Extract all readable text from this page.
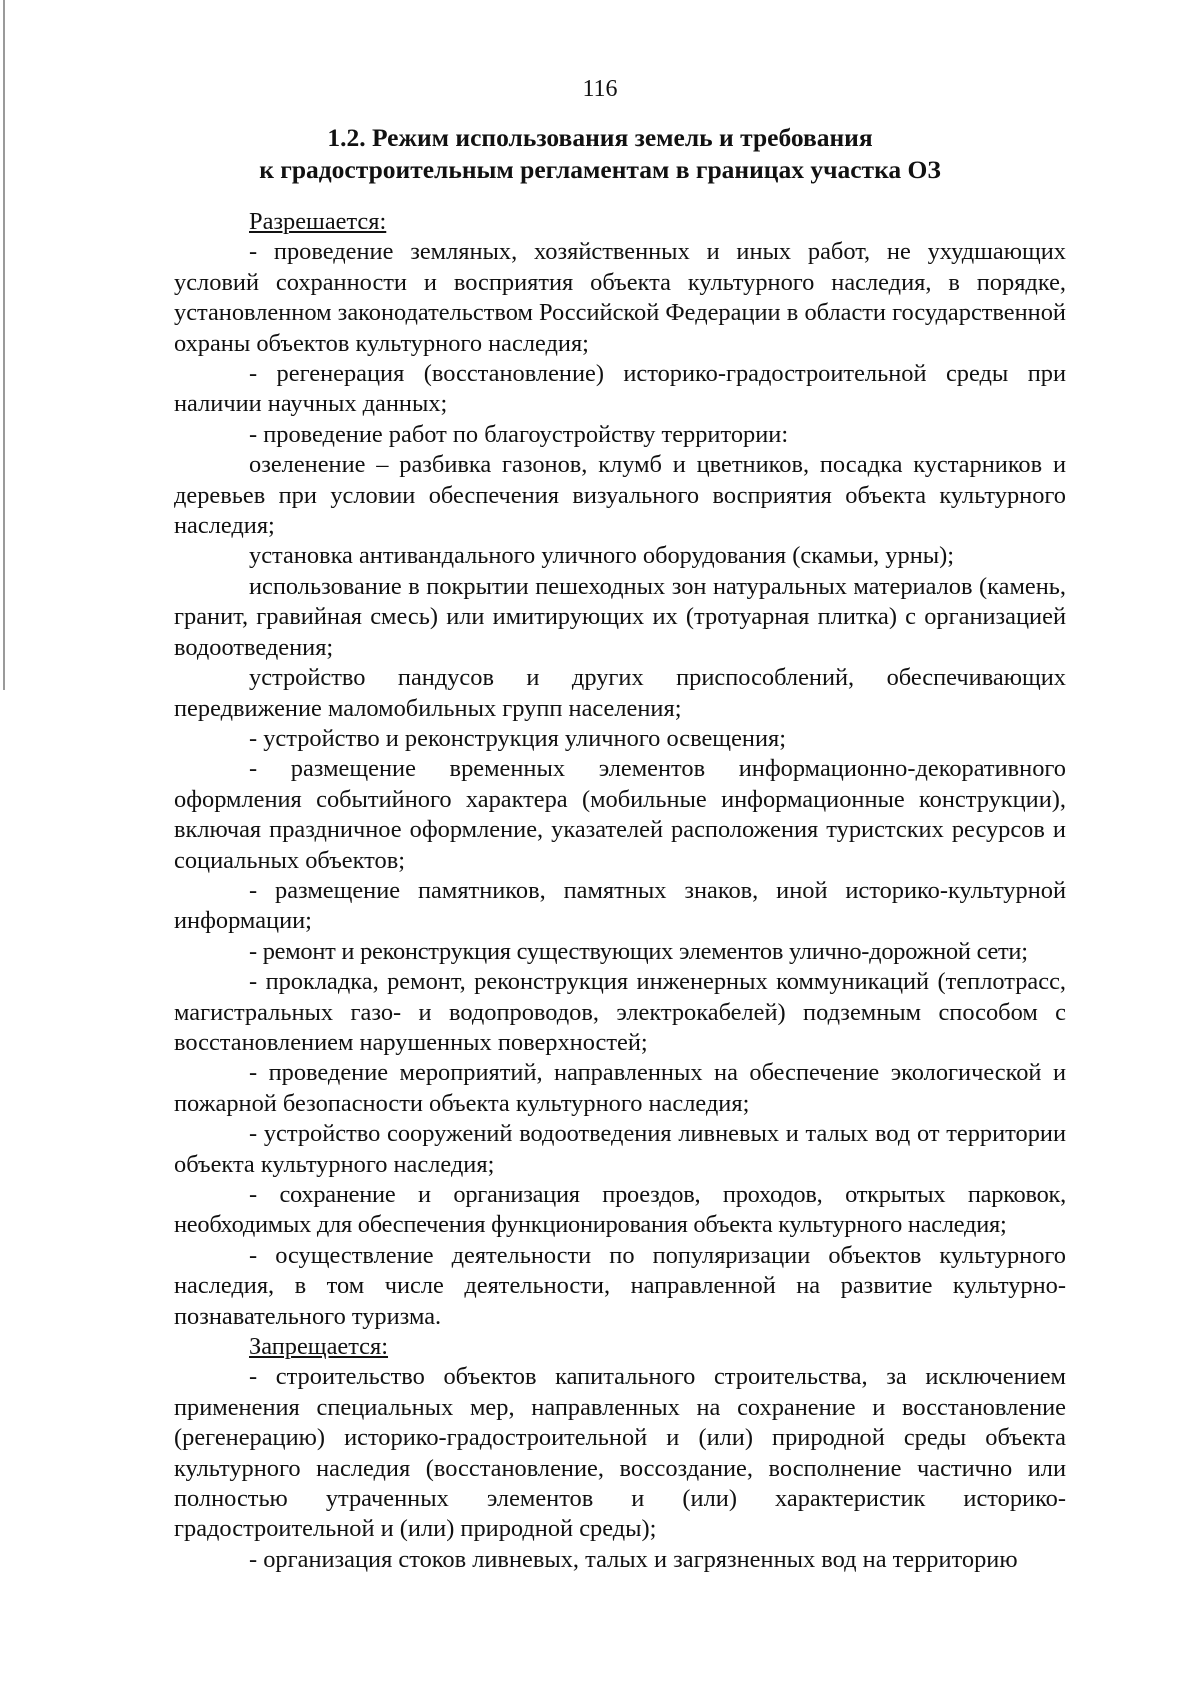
116
1.2. Режим использования земель и требования
к градостроительным регламентам в границах участка ОЗ

Разрешается:

- проведение земляных, хозяйственных и иных работ, не ухудшающих условий сохранности и восприятия объекта культурного наследия, в порядке, установленном законодательством Российской Федерации в области государственной охраны объектов культурного наследия;

- регенерация (восстановление) историко-градостроительной среды при наличии научных данных;

- проведение работ по благоустройству территории:

озеленение – разбивка газонов, клумб и цветников, посадка кустарников и деревьев при условии обеспечения визуального восприятия объекта культурного наследия;

установка антивандального уличного оборудования (скамьи, урны);

использование в покрытии пешеходных зон натуральных материалов (камень, гранит, гравийная смесь) или имитирующих их (тротуарная плитка) с организацией водоотведения;

устройство пандусов и других приспособлений, обеспечивающих передвижение маломобильных групп населения;

- устройство и реконструкция уличного освещения;

- размещение временных элементов информационно-декоративного оформления событийного характера (мобильные информационные конструкции), включая праздничное оформление, указателей расположения туристских ресурсов и социальных объектов;

- размещение памятников, памятных знаков, иной историко-культурной информации;

- ремонт и реконструкция существующих элементов улично-дорожной сети;

- прокладка, ремонт, реконструкция инженерных коммуникаций (теплотрасс, магистральных газо- и водопроводов, электрокабелей) подземным способом с восстановлением нарушенных поверхностей;

- проведение мероприятий, направленных на обеспечение экологической и пожарной безопасности объекта культурного наследия;

- устройство сооружений водоотведения ливневых и талых вод от территории объекта культурного наследия;

- сохранение и организация проездов, проходов, открытых парковок, необходимых для обеспечения функционирования объекта культурного наследия;

- осуществление деятельности по популяризации объектов культурного наследия, в том числе деятельности, направленной на развитие культурно-познавательного туризма.

Запрещается:

- строительство объектов капитального строительства, за исключением применения специальных мер, направленных на сохранение и восстановление (регенерацию) историко-градостроительной и (или) природной среды объекта культурного наследия (восстановление, воссоздание, восполнение частично или полностью утраченных элементов и (или) характеристик историко-градостроительной и (или) природной среды);

- организация стоков ливневых, талых и загрязненных вод на территорию
